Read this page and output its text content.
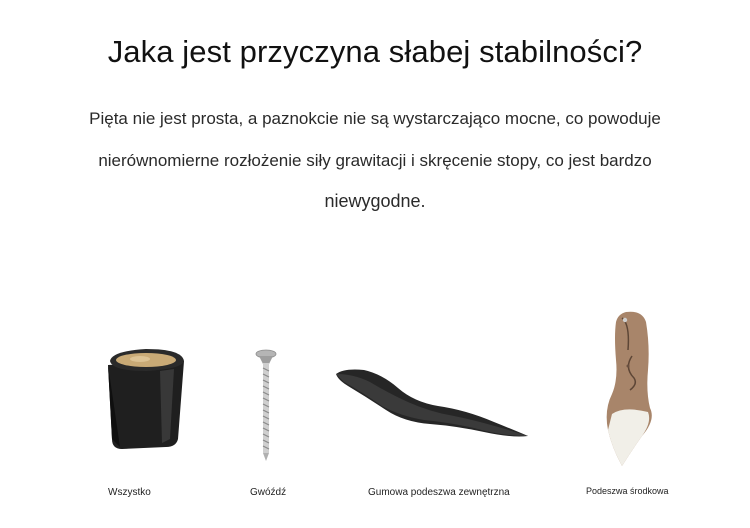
Jaka jest przyczyna słabej stabilności?
Pięta nie jest prosta, a paznokcie nie są wystarczająco mocne, co powoduje
nierównomierne rozłożenie siły grawitacji i skręcenie stopy, co jest bardzo
niewygodne.
Wszystko	Gwóźdź	Gumowa podeszwa zewnętrzna	Podeszwa środkowa
